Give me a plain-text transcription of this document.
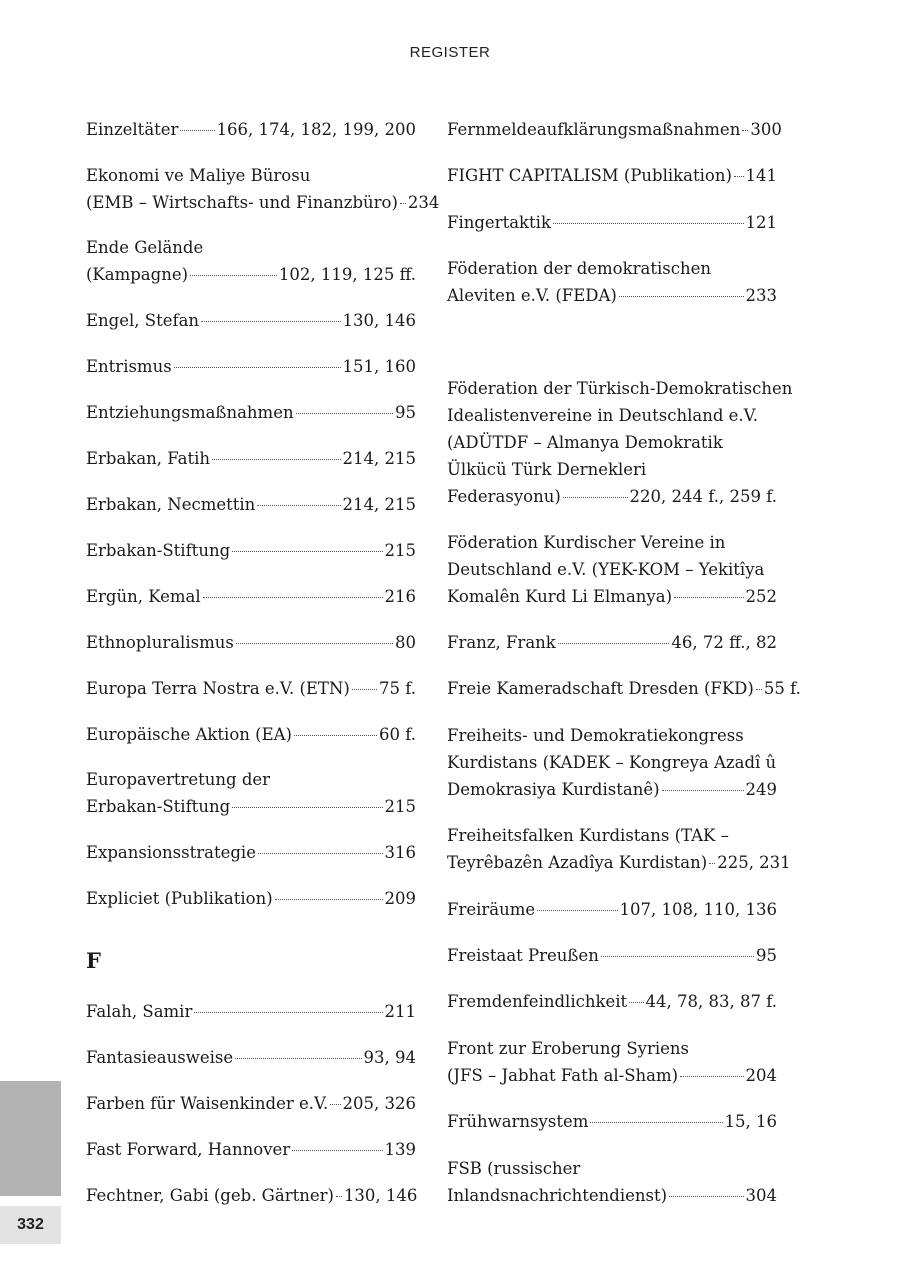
REGISTER
Einzeltäter 166, 174, 182, 199, 200
Ekonomi ve Maliye Bürosu
(EMB – Wirtschafts- und Finanzbüro) 234
Ende Gelände
(Kampagne)	102, 119, 125 ff.
Engel, Stefan	130, 146
Entrismus	151, 160
Entziehungsmaßnahmen	95
Erbakan, Fatih	214, 215
Erbakan, Necmettin	214, 215
Erbakan-Stiftung	215
Ergün, Kemal	216
Ethnopluralismus	80
Europa Terra Nostra e.V. (ETN) 75 f.
Europäische Aktion (EA)	60 f.
Europavertretung der
Erbakan-Stiftung	215
Expansionsstrategie	316
Expliciet (Publikation)	209
Falah, Samir	211
Fantasieausweise	93, 94
Farben für Waisenkinder e.V. 205, 326
Fast Forward, Hannover	139
Fechtner, Gabi (geb. Gärtner) 130, 146
F
Fernmeldeaufklärungsmaßnahmen 300
FIGHT CAPITALISM (Publikation) 141
Fingertaktik	121
Föderation der demokratischen
Aleviten e.V. (FEDA)	233
Föderation der Türkisch-Demokratischen
Idealistenvereine in Deutschland e.V.
(ADÜTDF – Almanya Demokratik
Ülkücü Türk Dernekleri
Federasyonu)	220, 244 f., 259 f.
Föderation Kurdischer Vereine in
Deutschland e.V. (YEK-KOM – Yekitîya
Komalên Kurd Li Elmanya)	252
Franz, Frank	46, 72 ff., 82
Freie Kameradschaft Dresden (FKD) 55 f.
Freiheits- und Demokratiekongress
Kurdistans (KADEK – Kongreya Azadî û
Demokrasiya Kurdistanê)	249
Freiheitsfalken Kurdistans (TAK –
Teyrêbazên Azadîya Kurdistan) 225, 231
Freiräume	107, 108, 110, 136
Freistaat Preußen	95
Fremdenfeindlichkeit 44, 78, 83, 87 f.
Front zur Eroberung Syriens
(JFS – Jabhat Fath al-Sham)	204
Frühwarnsystem	15, 16
FSB (russischer
Inlandsnachrichtendienst)	304
332
